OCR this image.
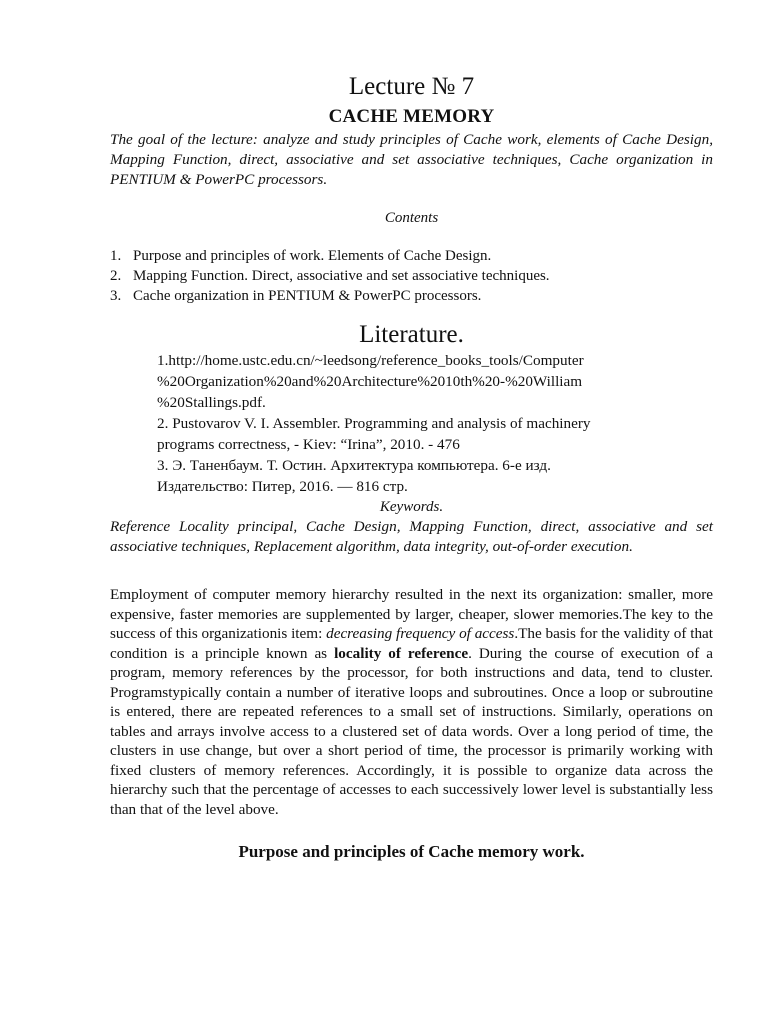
Lecture № 7
CACHE MEMORY

The goal of the lecture: analyze and study principles of Cache work, elements of Cache Design, Mapping Function, direct, associative and set associative techniques, Cache organization in PENTIUM & PowerPC processors.

Contents
1. Purpose and principles of work. Elements of Cache Design.
2. Mapping Function. Direct, associative and set associative techniques.
3. Cache organization in PENTIUM & PowerPC processors.
Literature.
1.http://home.ustc.edu.cn/~leedsong/reference_books_tools/Computer
%20Organization%20and%20Architecture%2010th%20-%20William
%20Stallings.pdf.
2. Pustovarov V. I. Assembler. Programming and analysis of machinery
programs correctness, - Kiev: “Irina”, 2010. - 476
3. Э. Таненбаум. Т. Остин. Архитектура компьютера. 6-е изд.
Издательство: Питер, 2016. — 816 стр.
Keywords.

Reference Locality principal, Cache Design, Mapping Function, direct, associative and set associative techniques, Replacement algorithm, data integrity, out-of-order execution.

Employment of computer memory hierarchy resulted in the next its organization: smaller, more expensive, faster memories are supplemented by larger, cheaper, slower memories.The key to the success of this organizationis item: decreasing frequency of access.The basis for the validity of that condition is a principle known as locality of reference. During the course of execution of a program, memory references by the processor, for both instructions and data, tend to cluster. Programstypically contain a number of iterative loops and subroutines. Once a loop or subroutine is entered, there are repeated references to a small set of instructions. Similarly, operations on tables and arrays involve access to a clustered set of data words. Over a long period of time, the clusters in use change, but over a short period of time, the processor is primarily working with fixed clusters of memory references. Accordingly, it is possible to organize data across the hierarchy such that the percentage of accesses to each successively lower level is substantially less than that of the level above.

Purpose and principles of Cache memory work.
